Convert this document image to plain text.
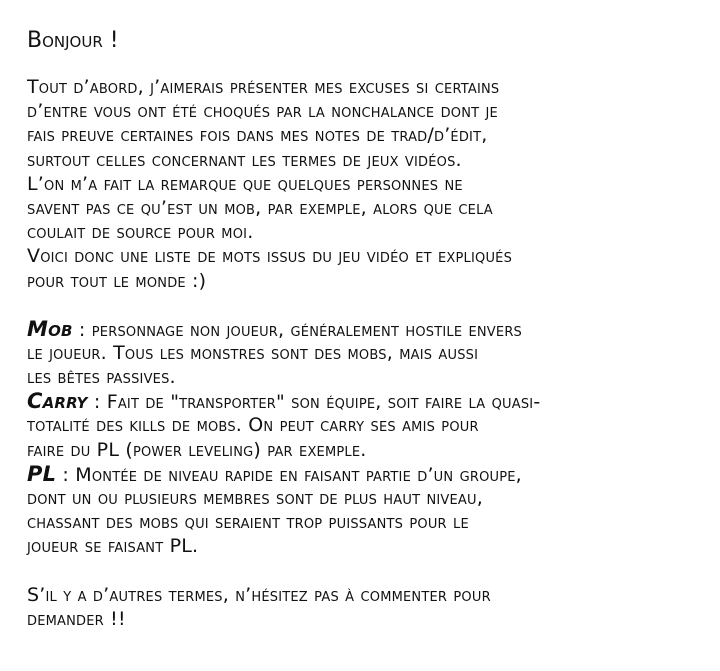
Bonjour !

Tout d’abord, j’aimerais présenter mes excuses si certains

d’entre vous ont été choqués par la nonchalance dont je

fais preuve certaines fois dans mes notes de trad/d’édit,

surtout celles concernant les termes de jeux vidéos.

L’on m’a fait la remarque que quelques personnes ne

savent pas ce qu’est un mob, par exemple, alors que cela

coulait de source pour moi.

Voici donc une liste de mots issus du jeu vidéo et expliqués

pour tout le monde :)

Mob : personnage non joueur, généralement hostile envers

le joueur. Tous les monstres sont des mobs, mais aussi

les bêtes passives.

Carry : Fait de "transporter" son équipe, soit faire la quasi-

totalité des kills de mobs. On peut carry ses amis pour

faire du PL (power leveling) par exemple.

PL : Montée de niveau rapide en faisant partie d’un groupe,

dont un ou plusieurs membres sont de plus haut niveau,

chassant des mobs qui seraient trop puissants pour le

joueur se faisant PL.

S’il y a d’autres termes, n’hésitez pas à commenter pour

demander !!
